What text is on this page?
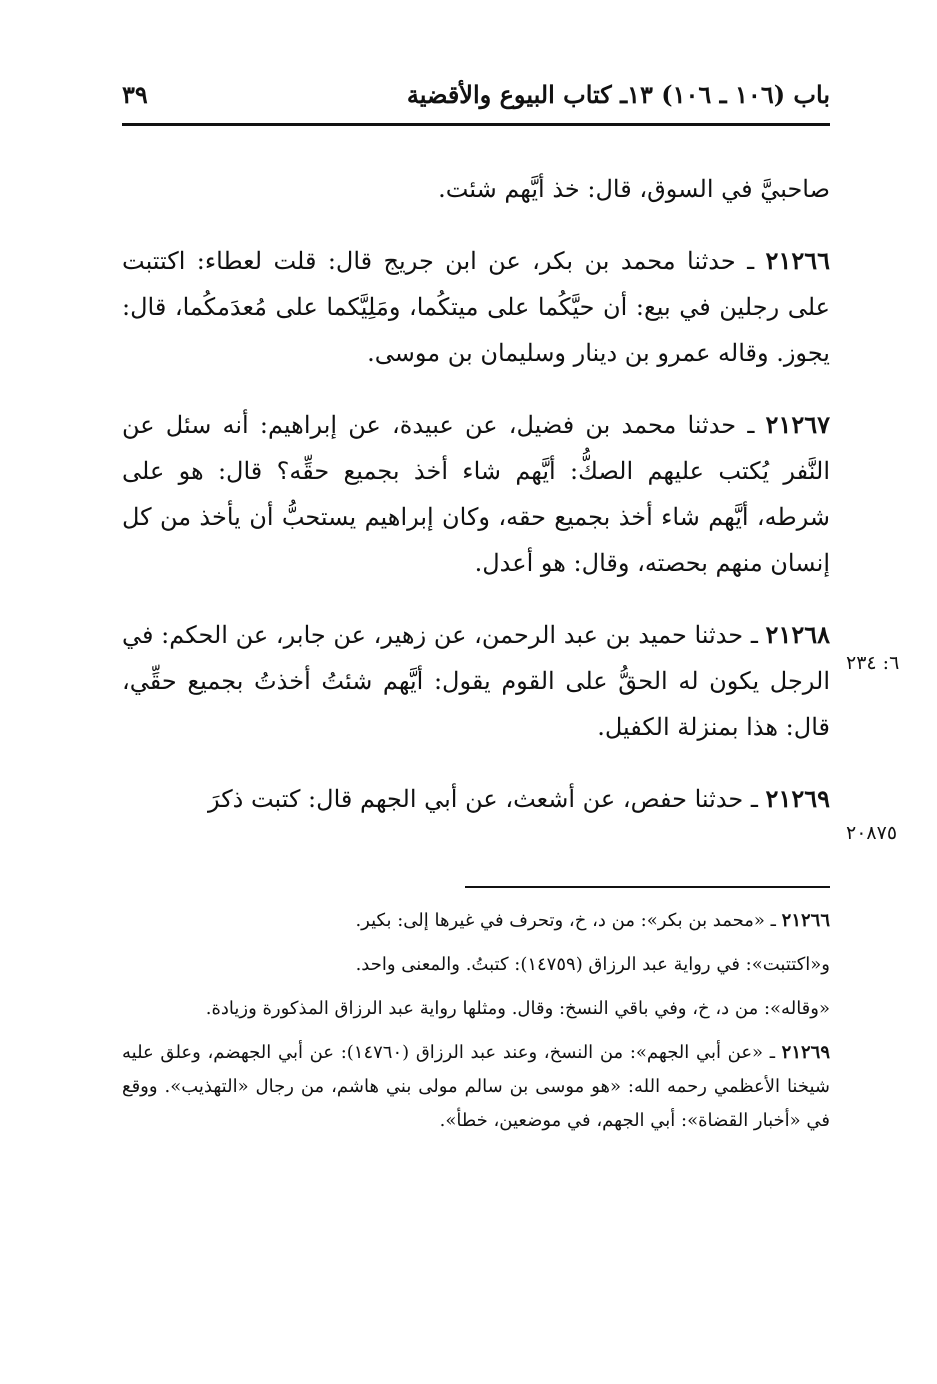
باب (١٠٦ ـ ١٠٦) ١٣ـ كتاب البيوع والأقضية
٣٩

صاحبيَّ في السوق، قال: خذ أيَّهم شئت.

٢١٢٦٦ ـ حدثنا محمد بن بكر، عن ابن جريج قال: قلت لعطاء: اكتتبت على رجلين في بيع: أن حيَّكُما على ميتكُما، ومَلِيَّكما على مُعدَمكُما، قال: يجوز. وقاله عمرو بن دينار وسليمان بن موسى.

٢١٢٦٧ ـ حدثنا محمد بن فضيل، عن عبيدة، عن إبراهيم: أنه سئل عن النَّفر يُكتب عليهم الصكُّ: أيَّهم شاء أخذ بجميع حقِّه؟ قال: هو على شرطه، أيَّهم شاء أخذ بجميع حقه، وكان إبراهيم يستحبُّ أن يأخذ من كل إنسان منهم بحصته، وقال: هو أعدل.

٢١٢٦٨ ـ حدثنا حميد بن عبد الرحمن، عن زهير، عن جابر، عن الحكم: في الرجل يكون له الحقُّ على القوم يقول: أيَّهم شئتُ أخذتُ بجميع حقِّي، قال: هذا بمنزلة الكفيل.

٢١٢٦٩ ـ حدثنا حفص، عن أشعث، عن أبي الجهم قال: كتبت ذكرَ

٦: ٢٣٤
٢٠٨٧٥

٢١٢٦٦ ـ «محمد بن بكر»: من د، خ، وتحرف في غيرها إلى: بكير.

و«اكتتبت»: في رواية عبد الرزاق (١٤٧٥٩): كتبتُ. والمعنى واحد.

«وقاله»: من د، خ، وفي باقي النسخ: وقال. ومثلها رواية عبد الرزاق المذكورة وزيادة.

٢١٢٦٩ ـ «عن أبي الجهم»: من النسخ، وعند عبد الرزاق (١٤٧٦٠): عن أبي الجهضم، وعلق عليه شيخنا الأعظمي رحمه الله: «هو موسى بن سالم مولى بني هاشم، من رجال «التهذيب». ووقع في «أخبار القضاة»: أبي الجهم، في موضعين، خطأ».
